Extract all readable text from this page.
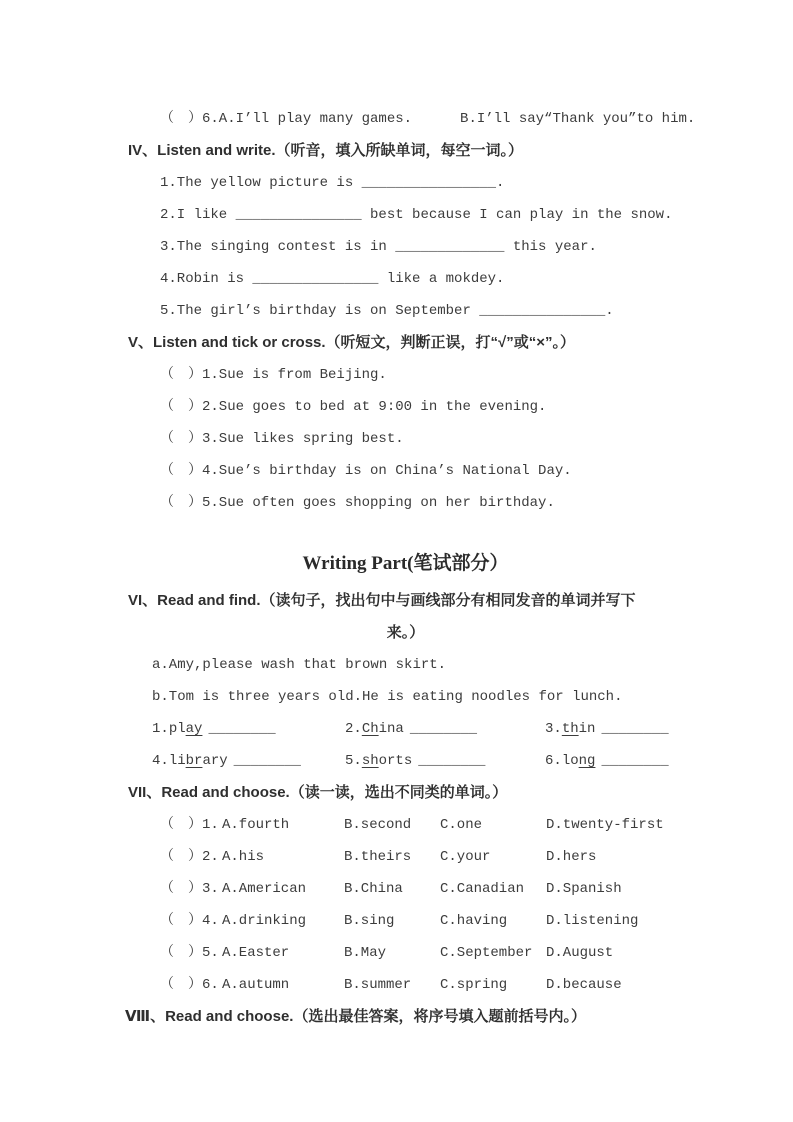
（　）6.A.I’ll play many games.	B.I’ll say“Thank you”to him.
IV、Listen and write.（听音，填入所缺单词，每空一词。）
1.The yellow picture is ________________.
2.I like _______________ best because I can play in the snow.
3.The singing contest is in _____________ this year.
4.Robin is _______________ like a mokdey.
5.The girl’s birthday is on September _______________.
V、Listen and tick or cross.（听短文，判断正误，打“√”或“×”。）
（　）1.Sue is from Beijing.
（　）2.Sue goes to bed at 9:00 in the evening.
（　）3.Sue likes spring best.
（　）4.Sue’s birthday is on China’s National Day.
（　）5.Sue often goes shopping on her birthday.
Writing Part(笔试部分）
VI、Read and find.（读句子，找出句中与画线部分有相同发音的单词并写下
来。）
a.Amy,please wash that brown skirt.
b.Tom is three years old.He is eating noodles for lunch.
1.play ________	2.China ________	3.thin ________
4.library ________	5.shorts ________	6.long ________
VII、Read and choose.（读一读，选出不同类的单词。）
（　）1. A.fourth	B.second	C.one	D.twenty-first
（　）2. A.his	B.theirs	C.your	D.hers
（　）3. A.American	B.China	C.Canadian	D.Spanish
（　）4. A.drinking	B.sing	C.having	D.listening
（　）5. A.Easter	B.May	C.September D.August
（　）6. A.autumn	B.summer	C.spring	D.because
Ⅷ、Read and choose.（选出最佳答案，将序号填入题前括号内。）
